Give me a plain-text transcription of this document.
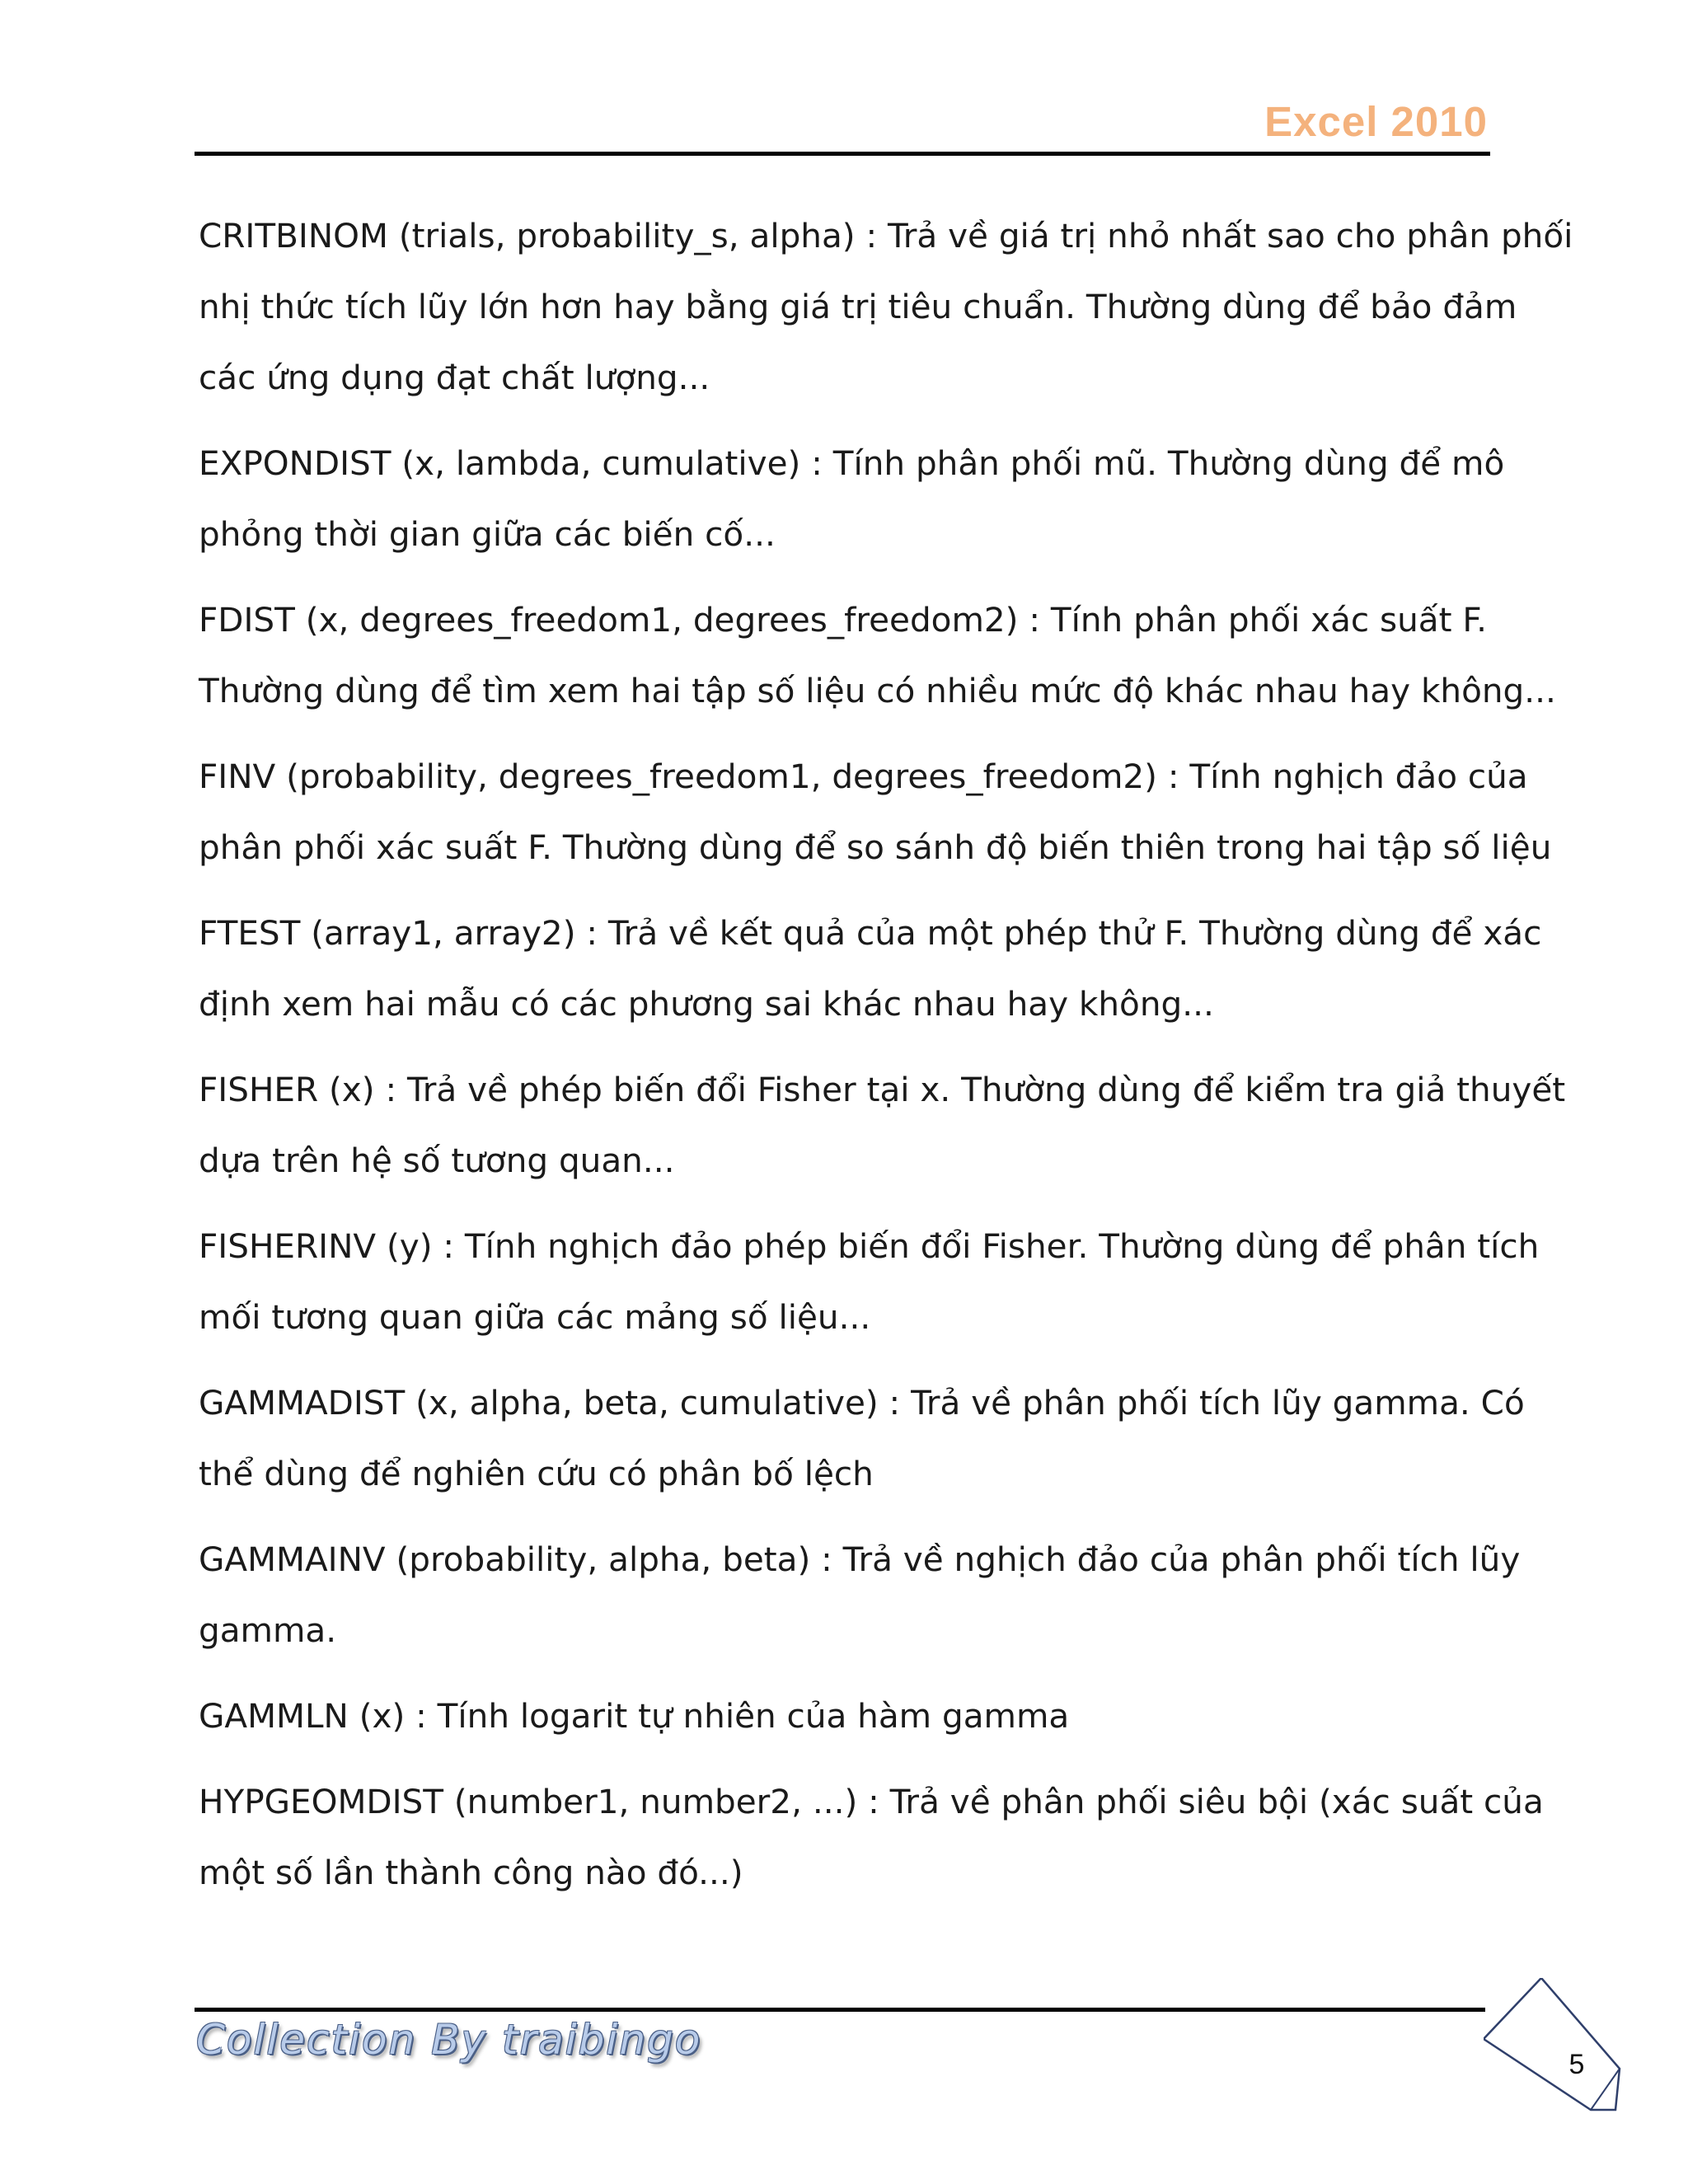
Excel 2010
CRITBINOM (trials, probability_s, alpha) : Trả về giá trị nhỏ nhất sao cho phân phối
nhị thức tích lũy lớn hơn hay bằng giá trị tiêu chuẩn. Thường dùng để bảo đảm
các ứng dụng đạt chất lượng...
EXPONDIST (x, lambda, cumulative) : Tính phân phối mũ. Thường dùng để mô
phỏng thời gian giữa các biến cố...
FDIST (x, degrees_freedom1, degrees_freedom2) : Tính phân phối xác suất F.
Thường dùng để tìm xem hai tập số liệu có nhiều mức độ khác nhau hay không...
FINV (probability, degrees_freedom1, degrees_freedom2) : Tính nghịch đảo của
phân phối xác suất F. Thường dùng để so sánh độ biến thiên trong hai tập số liệu
FTEST (array1, array2) : Trả về kết quả của một phép thử F. Thường dùng để xác
định xem hai mẫu có các phương sai khác nhau hay không...
FISHER (x) : Trả về phép biến đổi Fisher tại x. Thường dùng để kiểm tra giả thuyết
dựa trên hệ số tương quan...
FISHERINV (y) : Tính nghịch đảo phép biến đổi Fisher. Thường dùng để phân tích
mối tương quan giữa các mảng số liệu...
GAMMADIST (x, alpha, beta, cumulative) : Trả về phân phối tích lũy gamma. Có
thể dùng để nghiên cứu có phân bố lệch
GAMMAINV (probability, alpha, beta) : Trả về nghịch đảo của phân phối tích lũy
gamma.
GAMMLN (x) : Tính logarit tự nhiên của hàm gamma
HYPGEOMDIST (number1, number2, ...) : Trả về phân phối siêu bội (xác suất của
một số lần thành công nào đó...)
Collection By traibingo
5
